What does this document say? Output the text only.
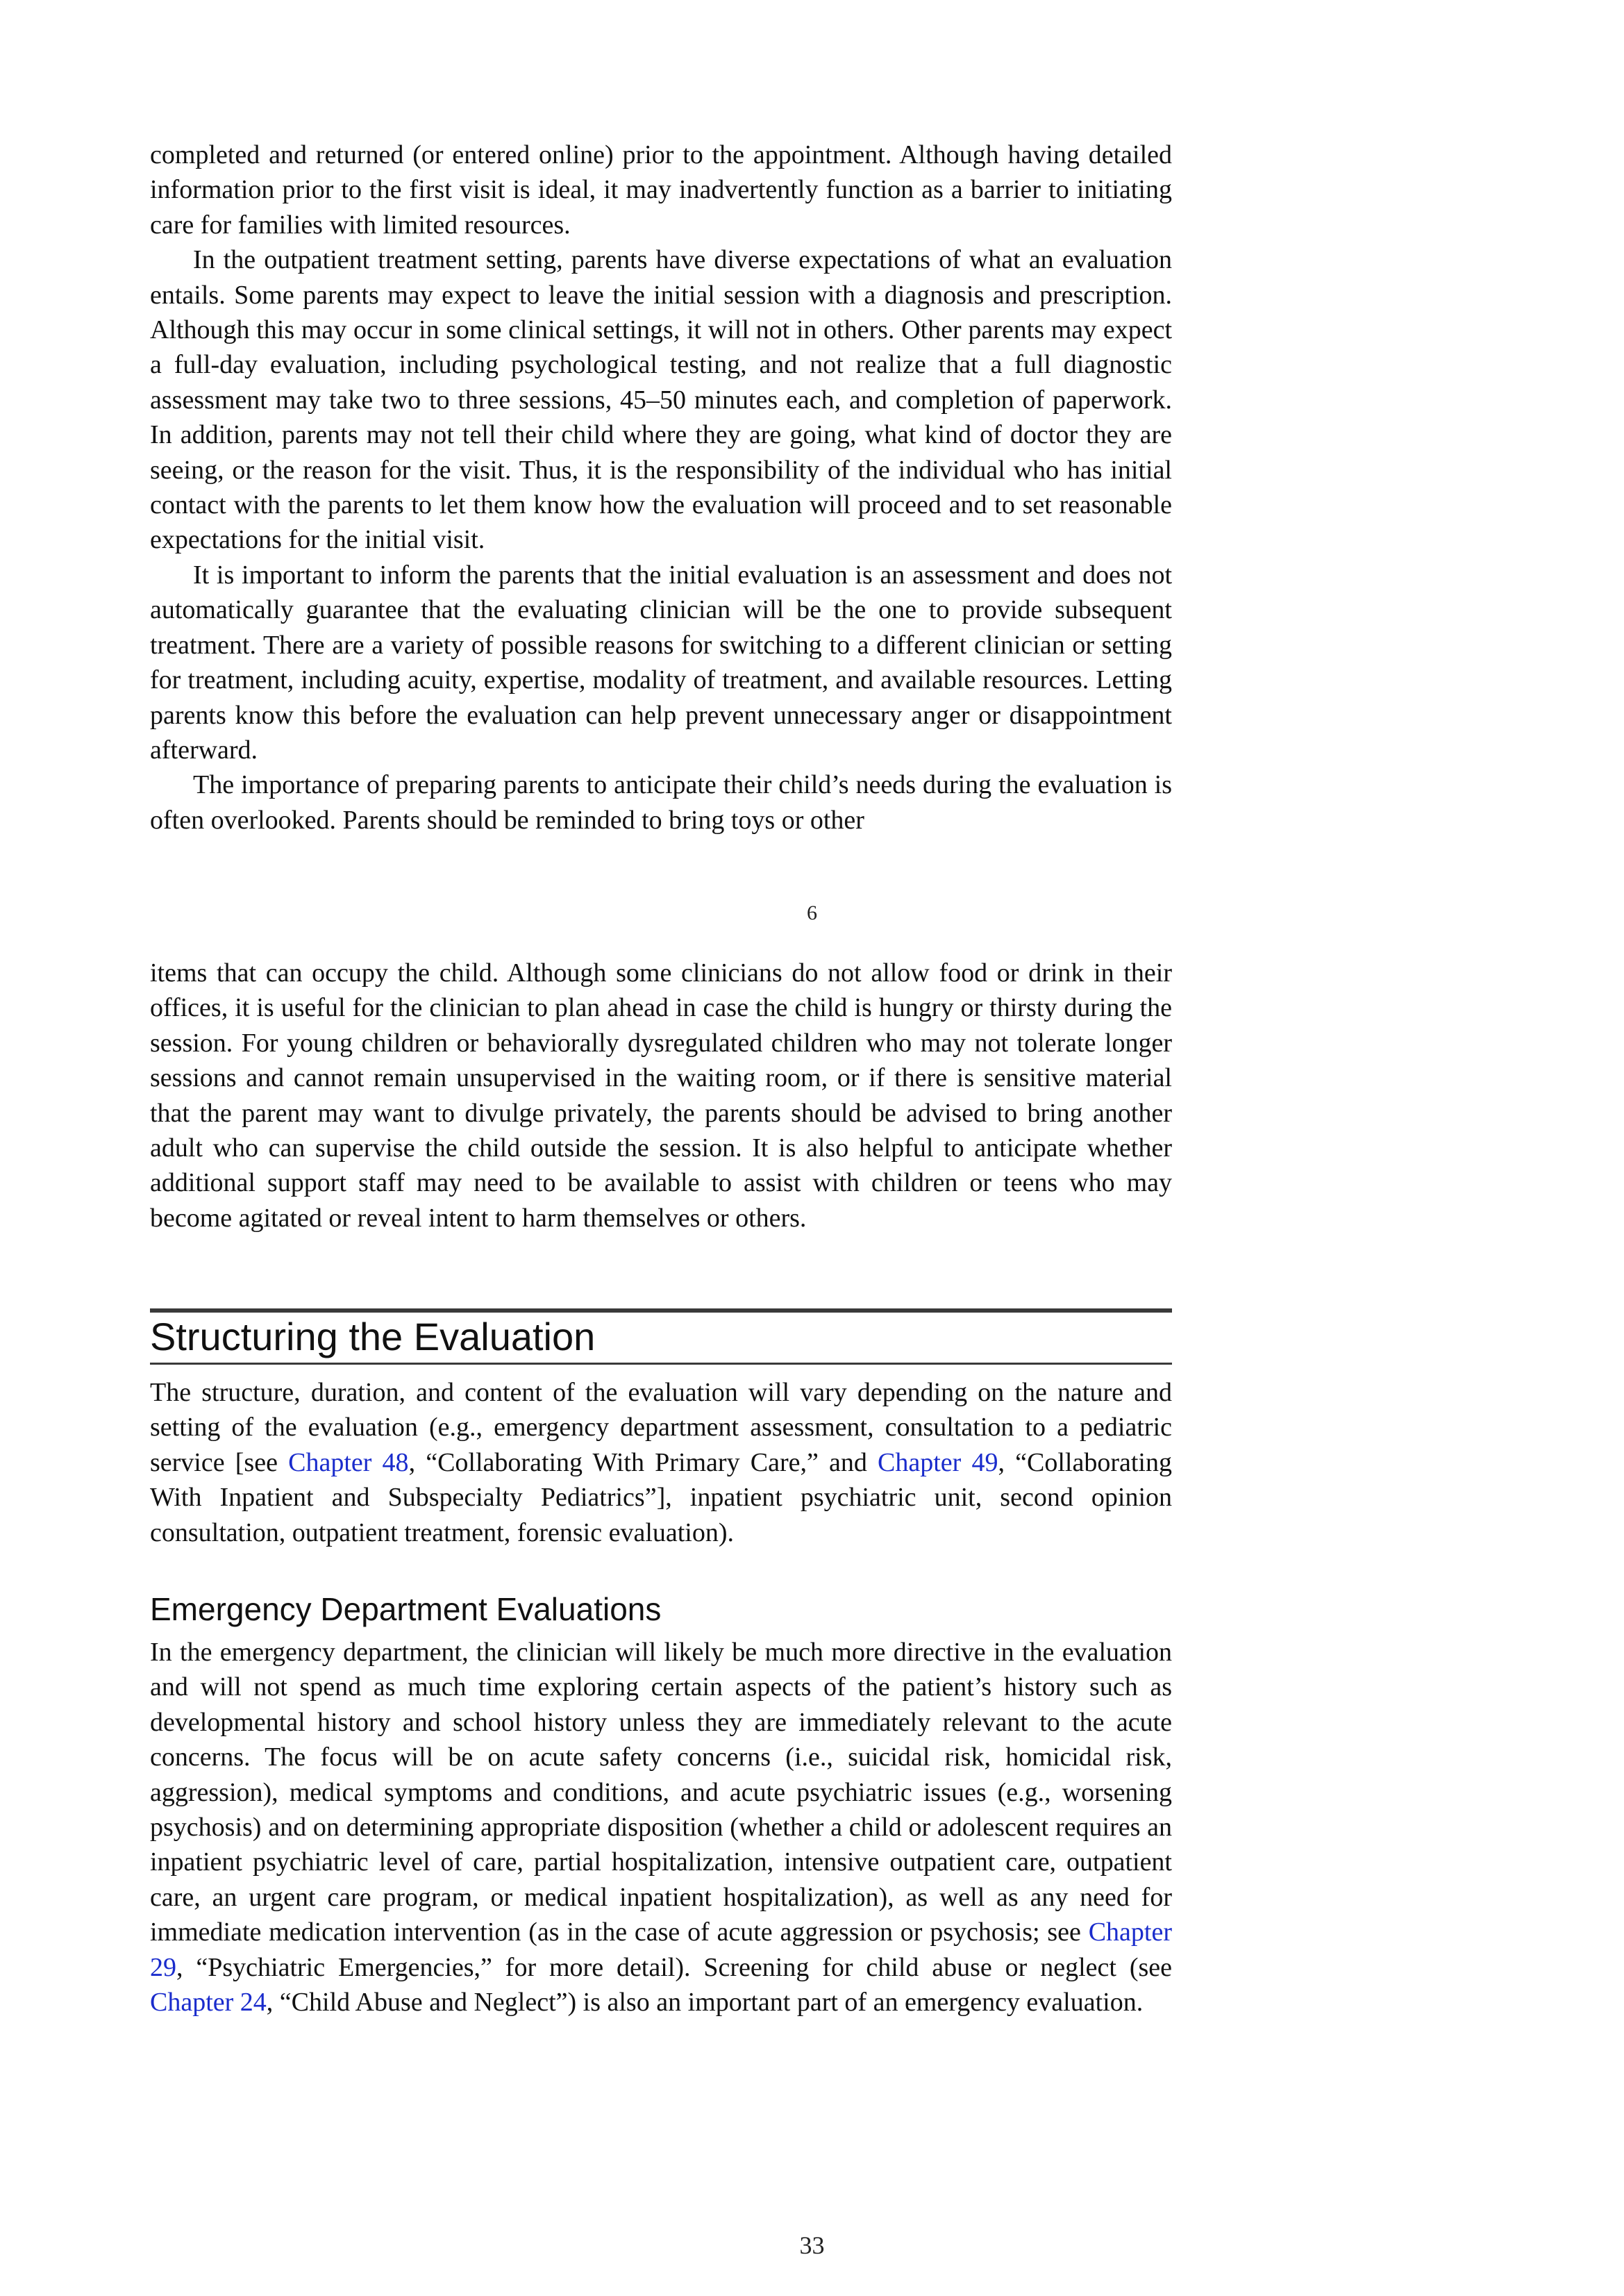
completed and returned (or entered online) prior to the appointment. Although having detailed information prior to the first visit is ideal, it may inadvertently function as a barrier to initiating care for families with limited resources.

In the outpatient treatment setting, parents have diverse expectations of what an evaluation entails. Some parents may expect to leave the initial session with a diagnosis and prescription. Although this may occur in some clinical settings, it will not in others. Other parents may expect a full-day evaluation, including psychological testing, and not realize that a full diagnostic assessment may take two to three sessions, 45–50 minutes each, and completion of paperwork. In addition, parents may not tell their child where they are going, what kind of doctor they are seeing, or the reason for the visit. Thus, it is the responsibility of the individual who has initial contact with the parents to let them know how the evaluation will proceed and to set reasonable expectations for the initial visit.

It is important to inform the parents that the initial evaluation is an assessment and does not automatically guarantee that the evaluating clinician will be the one to provide subsequent treatment. There are a variety of possible reasons for switching to a different clinician or setting for treatment, including acuity, expertise, modality of treatment, and available resources. Letting parents know this before the evaluation can help prevent unnecessary anger or disappointment afterward.

The importance of preparing parents to anticipate their child’s needs during the evaluation is often overlooked. Parents should be reminded to bring toys or other

6

items that can occupy the child. Although some clinicians do not allow food or drink in their offices, it is useful for the clinician to plan ahead in case the child is hungry or thirsty during the session. For young children or behaviorally dysregulated children who may not tolerate longer sessions and cannot remain unsupervised in the waiting room, or if there is sensitive material that the parent may want to divulge privately, the parents should be advised to bring another adult who can supervise the child outside the session. It is also helpful to anticipate whether additional support staff may need to be available to assist with children or teens who may become agitated or reveal intent to harm themselves or others.

Structuring the Evaluation

The structure, duration, and content of the evaluation will vary depending on the nature and setting of the evaluation (e.g., emergency department assessment, consultation to a pediatric service [see Chapter 48, “Collaborating With Primary Care,” and Chapter 49, “Collaborating With Inpatient and Subspecialty Pediatrics”], inpatient psychiatric unit, second opinion consultation, outpatient treatment, forensic evaluation).

Emergency Department Evaluations

In the emergency department, the clinician will likely be much more directive in the evaluation and will not spend as much time exploring certain aspects of the patient’s history such as developmental history and school history unless they are immediately relevant to the acute concerns. The focus will be on acute safety concerns (i.e., suicidal risk, homicidal risk, aggression), medical symptoms and conditions, and acute psychiatric issues (e.g., worsening psychosis) and on determining appropriate disposition (whether a child or adolescent requires an inpatient psychiatric level of care, partial hospitalization, intensive outpatient care, outpatient care, an urgent care program, or medical inpatient hospitalization), as well as any need for immediate medication intervention (as in the case of acute aggression or psychosis; see Chapter 29, “Psychiatric Emergencies,” for more detail). Screening for child abuse or neglect (see Chapter 24, “Child Abuse and Neglect”) is also an important part of an emergency evaluation.

33
